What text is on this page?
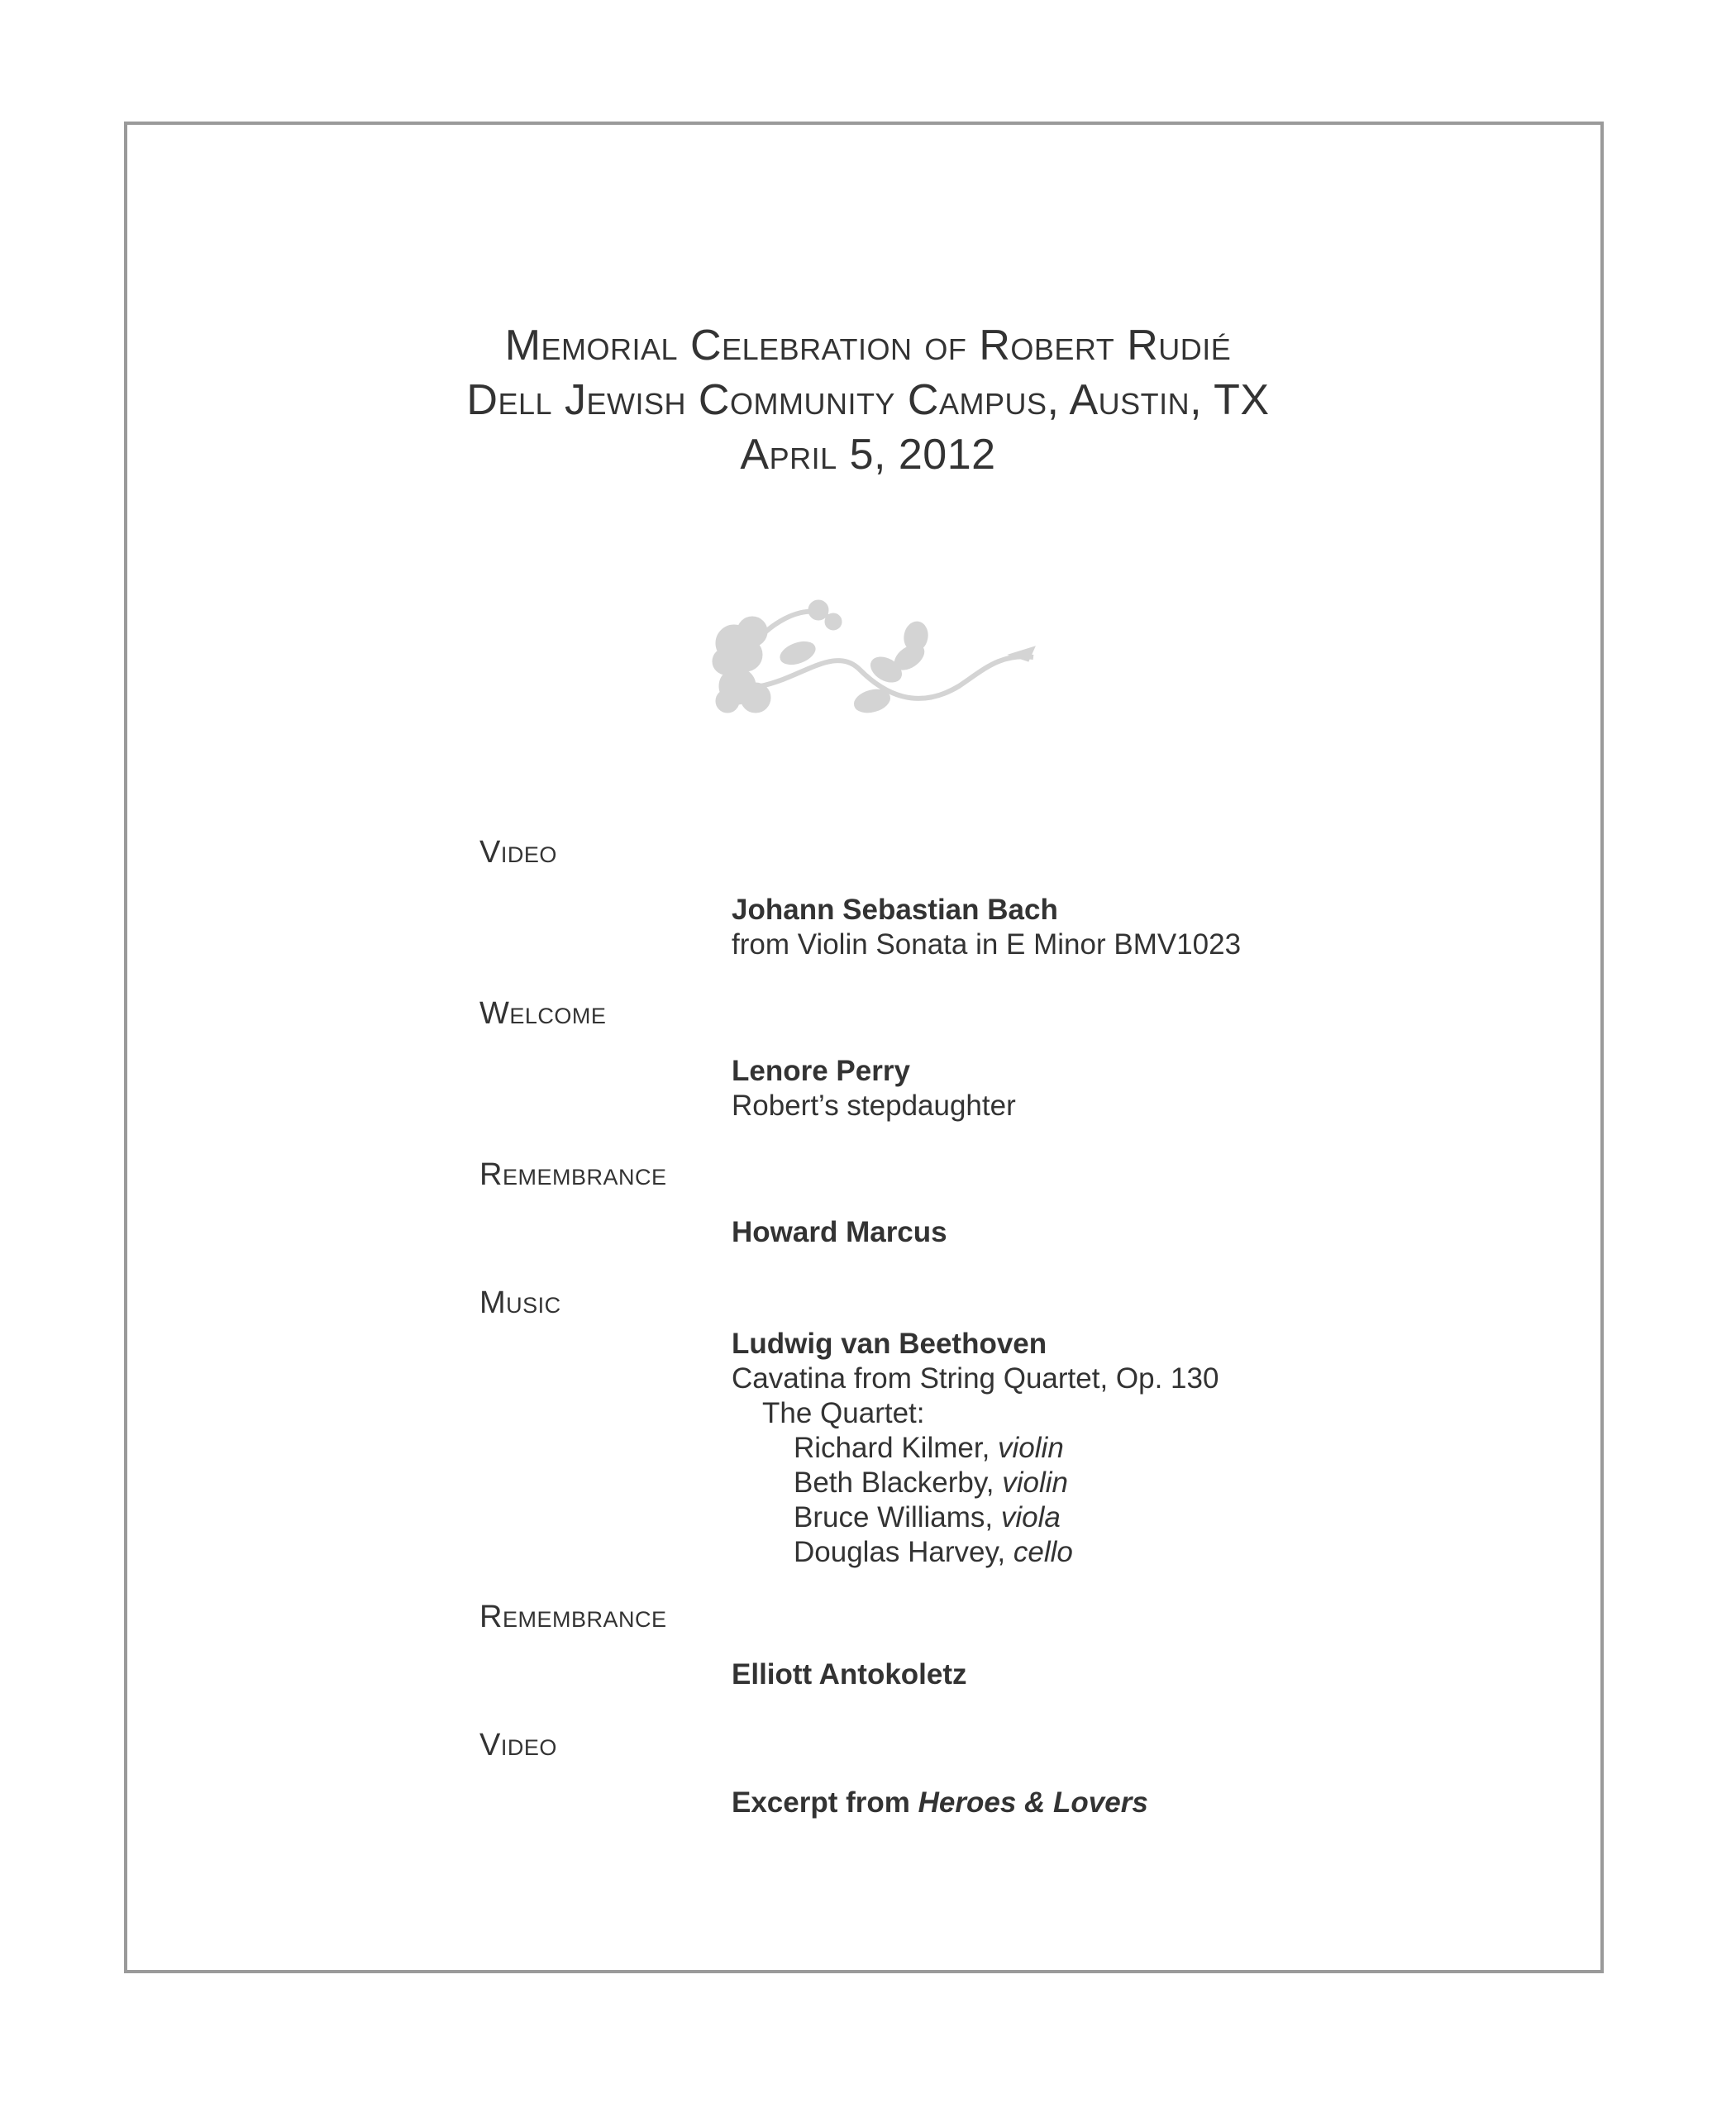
Memorial Celebration of Robert Rudié
Dell Jewish Community Campus, Austin, TX
April 5, 2012
Video
Johann Sebastian Bach
from Violin Sonata in E Minor BMV1023
Welcome
Lenore Perry
Robert’s stepdaughter
Remembrance
Howard Marcus
Music
Ludwig van Beethoven
Cavatina from String Quartet, Op. 130
The Quartet:
Richard Kilmer, violin
Beth Blackerby, violin
Bruce Williams, viola
Douglas Harvey, cello
Remembrance
Elliott Antokoletz
Video
Excerpt from Heroes & Lovers
